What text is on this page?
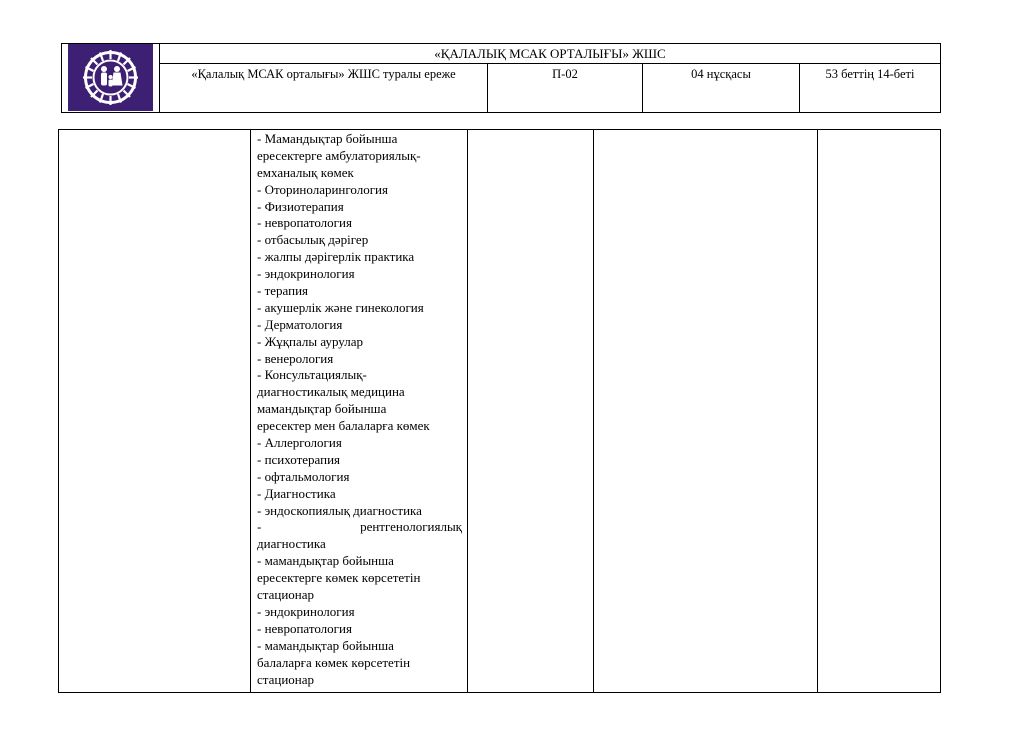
«ҚАЛАЛЫҚ МСАК ОРТАЛЫҒЫ» ЖШС
«Қалалық МСАК орталығы» ЖШС туралы ереже	П-02	04 нұсқасы	53 беттің 14-беті
- Мамандықтар бойынша
ересектерге амбулаториялық-
емханалық көмек
- Оториноларингология
- Физиотерапия
- невропатология
- отбасылық дәрігер
- жалпы дәрігерлік практика
- эндокринология
- терапия
- акушерлік және гинекология
- Дерматология
- Жұқпалы аурулар
- венерология
- Консультациялық-
диагностикалық медицина
мамандықтар бойынша
ересектер мен балаларға көмек
- Аллергология
- психотерапия
- офтальмология
- Диагностика
- эндоскопиялық диагностика
-	рентгенологиялық
диагностика
- мамандықтар бойынша
ересектерге көмек көрсететін
стационар
- эндокринология
- невропатология
- мамандықтар бойынша
балаларға көмек көрсететін
стационар
